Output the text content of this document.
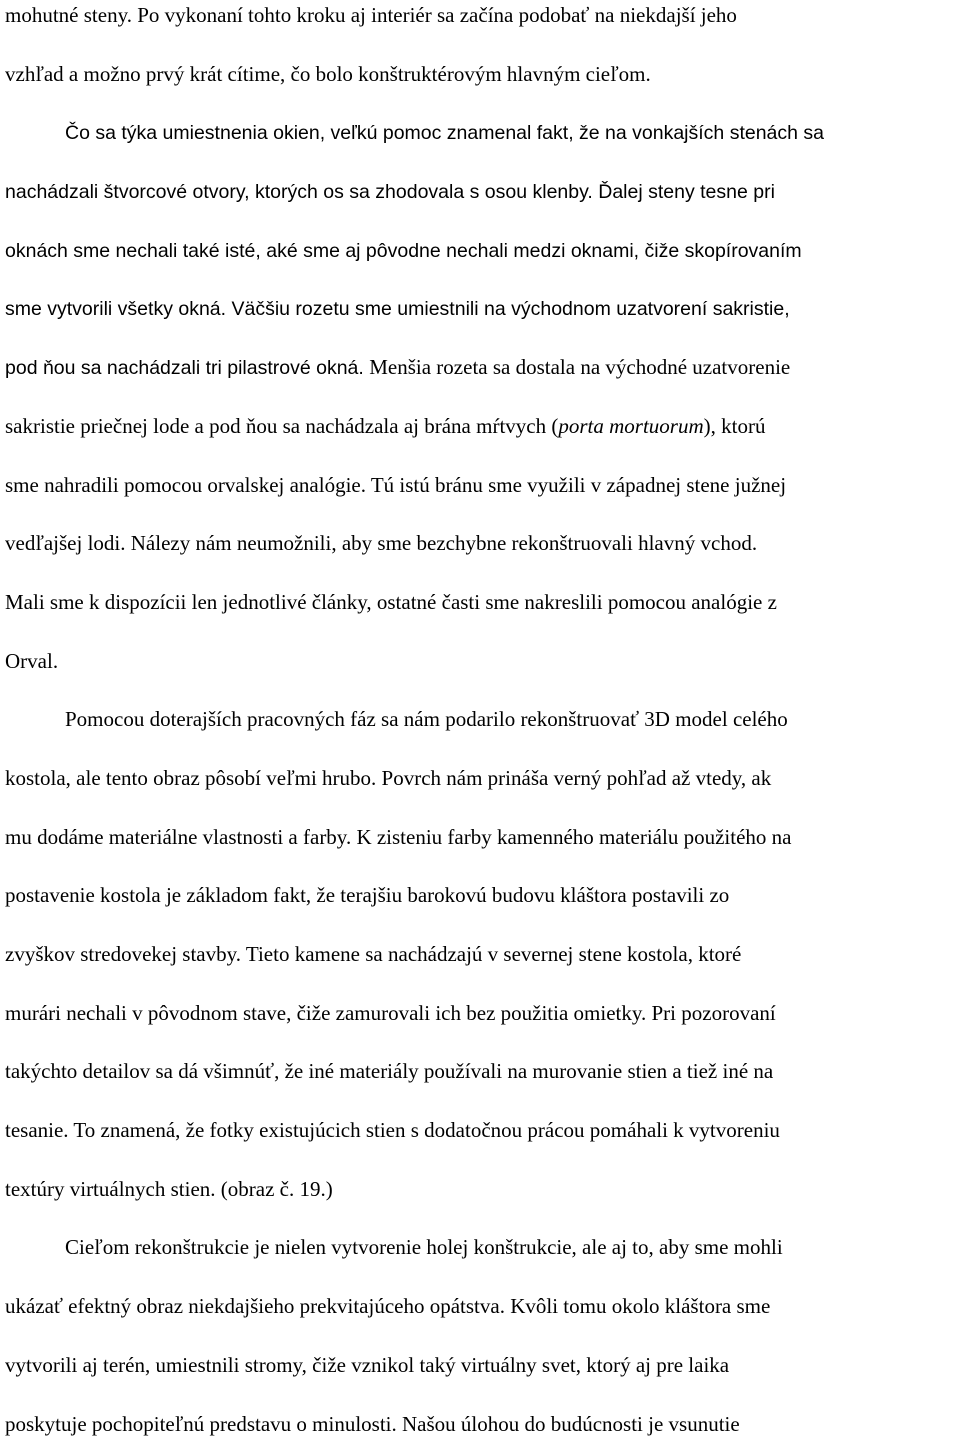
mohutné steny. Po vykonaní tohto kroku aj interiér sa začína podobať na niekdajší jeho
vzhľad a možno prvý krát cítime, čo bolo konštruktérovým hlavným cieľom.
Čo sa týka umiestnenia okien, veľkú pomoc znamenal fakt, že na vonkajších stenách sa
nachádzali štvorcové otvory, ktorých os sa zhodovala s osou klenby. Ďalej steny tesne pri
oknách sme nechali také isté, aké sme aj pôvodne nechali medzi oknami, čiže skopírovaním
sme vytvorili všetky okná. Väčšiu rozetu sme umiestnili na východnom uzatvorení sakristie,
pod ňou sa nachádzali tri pilastrové okná. Menšia rozeta sa dostala na východné uzatvorenie
sakristie priečnej lode a pod ňou sa nachádzala aj brána mŕtvych (porta mortuorum), ktorú
sme nahradili pomocou orvalskej analógie. Tú istú bránu sme využili v západnej stene južnej
vedľajšej lodi. Nálezy nám neumožnili, aby sme bezchybne rekonštruovali hlavný vchod.
Mali sme k dispozícii len jednotlivé články, ostatné časti sme nakreslili pomocou analógie z
Orval.
Pomocou doterajších pracovných fáz sa nám podarilo rekonštruovať 3D model celého
kostola, ale tento obraz pôsobí veľmi hrubo. Povrch nám prináša verný pohľad až vtedy, ak
mu dodáme materiálne vlastnosti a farby. K zisteniu farby kamenného materiálu použitého na
postavenie kostola je základom fakt, že terajšiu barokovú budovu kláštora postavili zo
zvyškov stredovekej stavby. Tieto kamene sa nachádzajú v severnej stene kostola, ktoré
murári nechali v pôvodnom stave, čiže zamurovali ich bez použitia omietky. Pri pozorovaní
takýchto detailov sa dá všimnúť, že iné materiály používali na murovanie stien a tiež iné na
tesanie. To znamená, že fotky existujúcich stien s dodatočnou prácou pomáhali k vytvoreniu
textúry virtuálnych stien. (obraz č. 19.)
Cieľom rekonštrukcie je nielen vytvorenie holej konštrukcie, ale aj to, aby sme mohli
ukázať efektný obraz niekdajšieho prekvitajúceho opátstva. Kvôli tomu okolo kláštora sme
vytvorili aj terén, umiestnili stromy, čiže vznikol taký virtuálny svet, ktorý aj pre laika
poskytuje pochopiteľnú predstavu o minulosti. Našou úlohou do budúcnosti je vsunutie
